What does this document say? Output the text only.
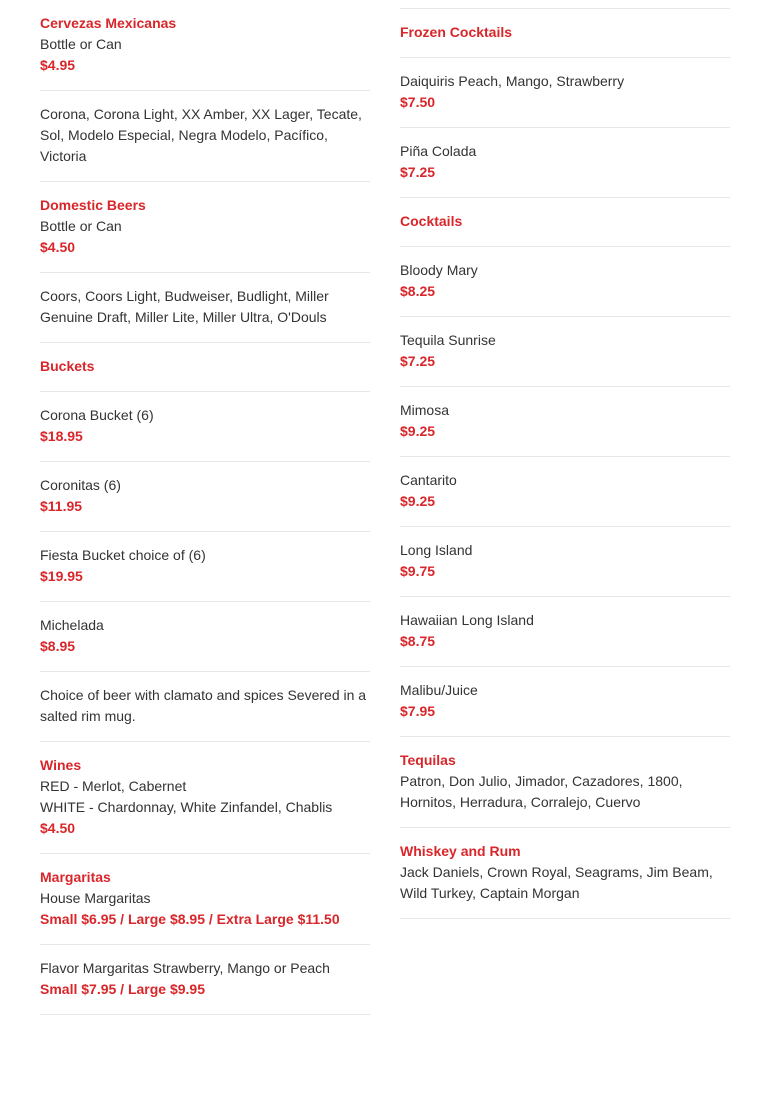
Cervezas Mexicanas
Bottle or Can
$4.95
Corona, Corona Light, XX Amber, XX Lager, Tecate, Sol, Modelo Especial, Negra Modelo, Pacífico, Victoria
Domestic Beers
Bottle or Can
$4.50
Coors, Coors Light, Budweiser, Budlight, Miller Genuine Draft, Miller Lite, Miller Ultra, O'Douls
Buckets
Corona Bucket (6)
$18.95
Coronitas (6)
$11.95
Fiesta Bucket choice of (6)
$19.95
Michelada
$8.95
Choice of beer with clamato and spices Severed in a salted rim mug.
Wines
RED - Merlot, Cabernet
WHITE - Chardonnay, White Zinfandel, Chablis
$4.50
Margaritas
House Margaritas
Small $6.95 / Large $8.95 / Extra Large $11.50
Flavor Margaritas Strawberry, Mango or Peach
Small $7.95 / Large $9.95
Frozen Cocktails
Daiquiris Peach, Mango, Strawberry
$7.50
Piña Colada
$7.25
Cocktails
Bloody Mary
$8.25
Tequila Sunrise
$7.25
Mimosa
$9.25
Cantarito
$9.25
Long Island
$9.75
Hawaiian Long Island
$8.75
Malibu/Juice
$7.95
Tequilas
Patron, Don Julio, Jimador, Cazadores, 1800, Hornitos, Herradura, Corralejo, Cuervo
Whiskey and Rum
Jack Daniels, Crown Royal, Seagrams, Jim Beam, Wild Turkey, Captain Morgan
